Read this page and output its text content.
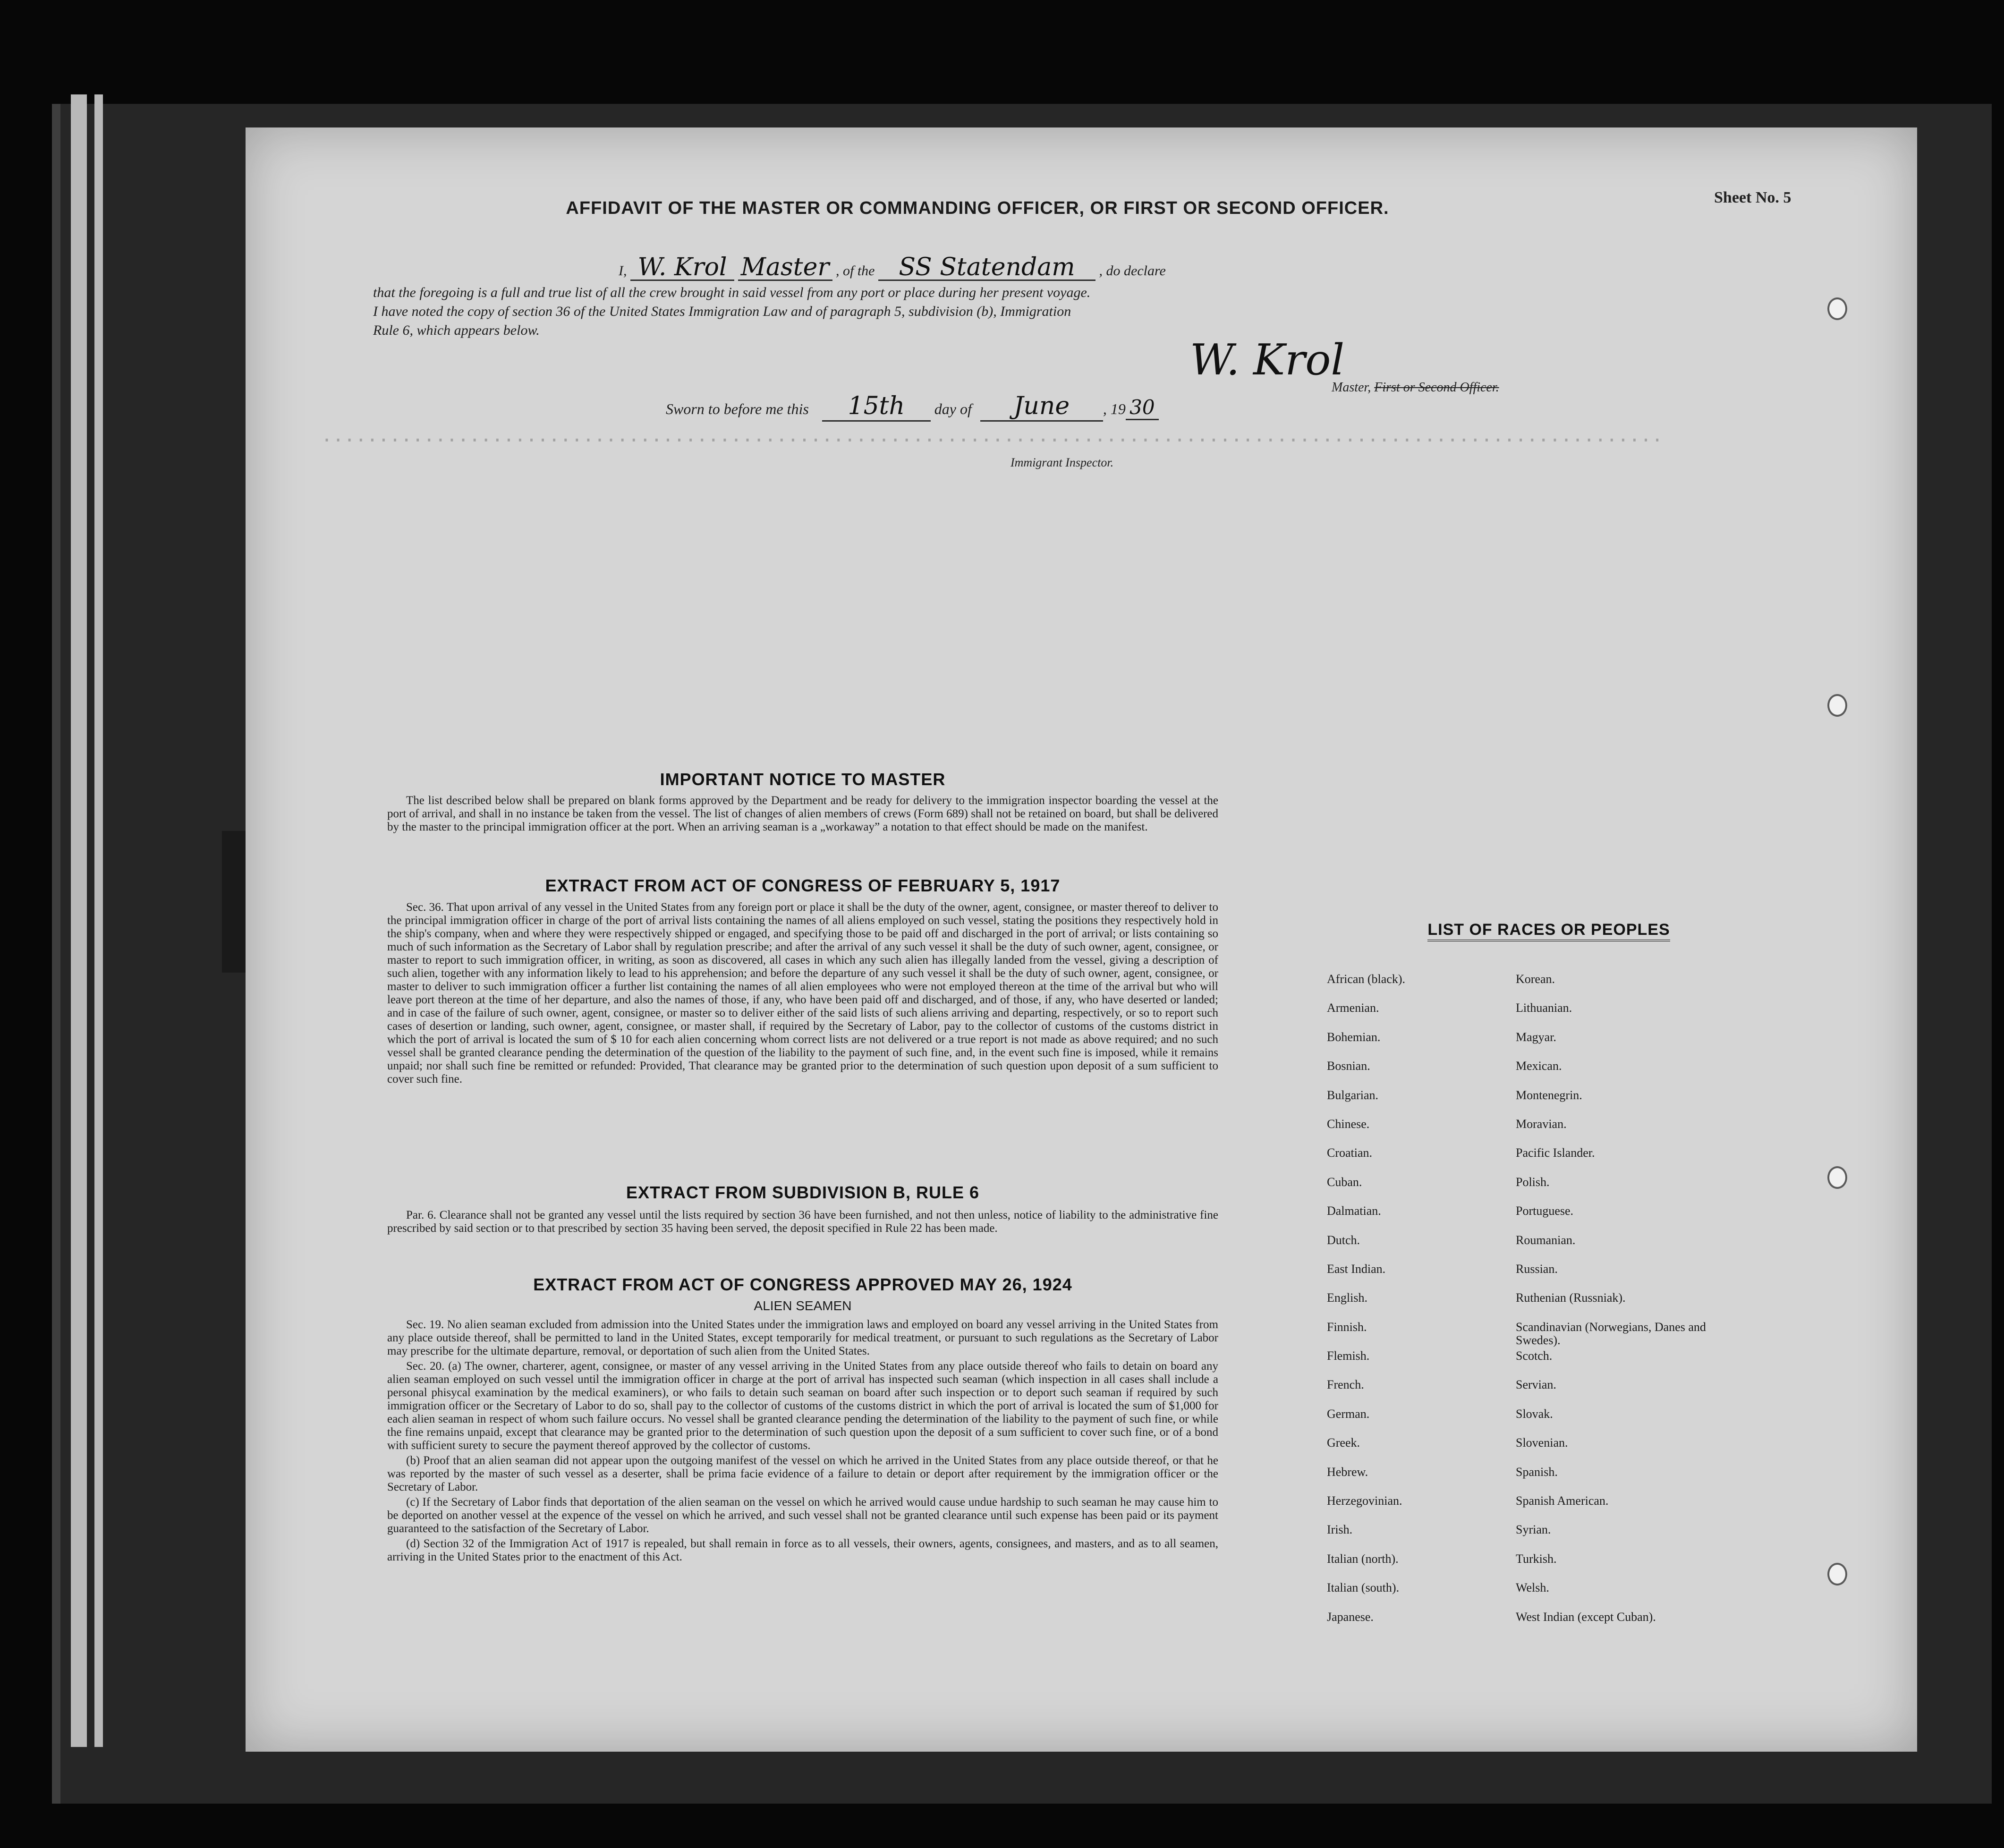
......................................................................................................................
Sheet No. 5
AFFIDAVIT OF THE MASTER OR COMMANDING OFFICER, OR FIRST OR SECOND OFFICER.
I, W. Krol Master , of the SS Statendam , do declare
that the foregoing is a full and true list of all the crew brought in said vessel from any port or place during her present voyage.
I have noted the copy of section 36 of the United States Immigration Law and of paragraph 5, subdivision (b), Immigration
Rule 6, which appears below.
W. Krol
Master, First or Second Officer.
Sworn to before me this 15th day of June , 19 30
Immigrant Inspector.
IMPORTANT NOTICE TO MASTER

The list described below shall be prepared on blank forms approved by the Department and be ready for delivery to the immigration inspector boarding the vessel at the port of arrival, and shall in no instance be taken from the vessel. The list of changes of alien members of crews (Form 689) shall not be retained on board, but shall be delivered by the master to the principal immigration officer at the port. When an arriving seaman is a „workaway” a notation to that effect should be made on the manifest.

EXTRACT FROM ACT OF CONGRESS OF FEBRUARY 5, 1917

Sec. 36. That upon arrival of any vessel in the United States from any foreign port or place it shall be the duty of the owner, agent, consignee, or master thereof to deliver to the principal immigration officer in charge of the port of arrival lists containing the names of all aliens employed on such vessel, stating the positions they respectively hold in the ship's company, when and where they were respectively shipped or engaged, and specifying those to be paid off and discharged in the port of arrival; or lists containing so much of such information as the Secretary of Labor shall by regulation prescribe; and after the arrival of any such vessel it shall be the duty of such owner, agent, consignee, or master to report to such immigration officer, in writing, as soon as discovered, all cases in which any such alien has illegally landed from the vessel, giving a description of such alien, together with any information likely to lead to his apprehension; and before the departure of any such vessel it shall be the duty of such owner, agent, consignee, or master to deliver to such immigration officer a further list containing the names of all alien employees who were not employed thereon at the time of the arrival but who will leave port thereon at the time of her departure, and also the names of those, if any, who have been paid off and discharged, and of those, if any, who have deserted or landed; and in case of the failure of such owner, agent, consignee, or master so to deliver either of the said lists of such aliens arriving and departing, respectively, or so to report such cases of desertion or landing, such owner, agent, consignee, or master shall, if required by the Secretary of Labor, pay to the collector of customs of the customs district in which the port of arrival is located the sum of $ 10 for each alien concerning whom correct lists are not delivered or a true report is not made as above required; and no such vessel shall be granted clearance pending the determination of the question of the liability to the payment of such fine, and, in the event such fine is imposed, while it remains unpaid; nor shall such fine be remitted or refunded: Provided, That clearance may be granted prior to the determination of such question upon deposit of a sum sufficient to cover such fine.

EXTRACT FROM SUBDIVISION B, RULE 6

Par. 6. Clearance shall not be granted any vessel until the lists required by section 36 have been furnished, and not then unless, notice of liability to the administrative fine prescribed by said section or to that prescribed by section 35 having been served, the deposit specified in Rule 22 has been made.

EXTRACT FROM ACT OF CONGRESS APPROVED MAY 26, 1924
ALIEN SEAMEN

Sec. 19. No alien seaman excluded from admission into the United States under the immigration laws and employed on board any vessel arriving in the United States from any place outside thereof, shall be permitted to land in the United States, except temporarily for medical treatment, or pursuant to such regulations as the Secretary of Labor may prescribe for the ultimate departure, removal, or deportation of such alien from the United States.

Sec. 20. (a) The owner, charterer, agent, consignee, or master of any vessel arriving in the United States from any place outside thereof who fails to detain on board any alien seaman employed on such vessel until the immigration officer in charge at the port of arrival has inspected such seaman (which inspection in all cases shall include a personal phisycal examination by the medical examiners), or who fails to detain such seaman on board after such inspection or to deport such seaman if required by such immigration officer or the Secretary of Labor to do so, shall pay to the collector of customs of the customs district in which the port of arrival is located the sum of $1,000 for each alien seaman in respect of whom such failure occurs. No vessel shall be granted clearance pending the determination of the liability to the payment of such fine, or while the fine remains unpaid, except that clearance may be granted prior to the determination of such question upon the deposit of a sum sufficient to cover such fine, or of a bond with sufficient surety to secure the payment thereof approved by the collector of customs.

(b) Proof that an alien seaman did not appear upon the outgoing manifest of the vessel on which he arrived in the United States from any place outside thereof, or that he was reported by the master of such vessel as a deserter, shall be prima facie evidence of a failure to detain or deport after requirement by the immigration officer or the Secretary of Labor.

(c) If the Secretary of Labor finds that deportation of the alien seaman on the vessel on which he arrived would cause undue hardship to such seaman he may cause him to be deported on another vessel at the expence of the vessel on which he arrived, and such vessel shall not be granted clearance until such expense has been paid or its payment guaranteed to the satisfaction of the Secretary of Labor.

(d) Section 32 of the Immigration Act of 1917 is repealed, but shall remain in force as to all vessels, their owners, agents, consignees, and masters, and as to all seamen, arriving in the United States prior to the enactment of this Act.

LIST OF RACES OR PEOPLES
African (black).
Armenian.
Bohemian.
Bosnian.
Bulgarian.
Chinese.
Croatian.
Cuban.
Dalmatian.
Dutch.
East Indian.
English.
Finnish.
Flemish.
French.
German.
Greek.
Hebrew.
Herzegovinian.
Irish.
Italian (north).
Italian (south).
Japanese.
Korean.
Lithuanian.
Magyar.
Mexican.
Montenegrin.
Moravian.
Pacific Islander.
Polish.
Portuguese.
Roumanian.
Russian.
Ruthenian (Russniak).
Scandinavian (Norwegians, Danes and Swedes).
Scotch.
Servian.
Slovak.
Slovenian.
Spanish.
Spanish American.
Syrian.
Turkish.
Welsh.
West Indian (except Cuban).
